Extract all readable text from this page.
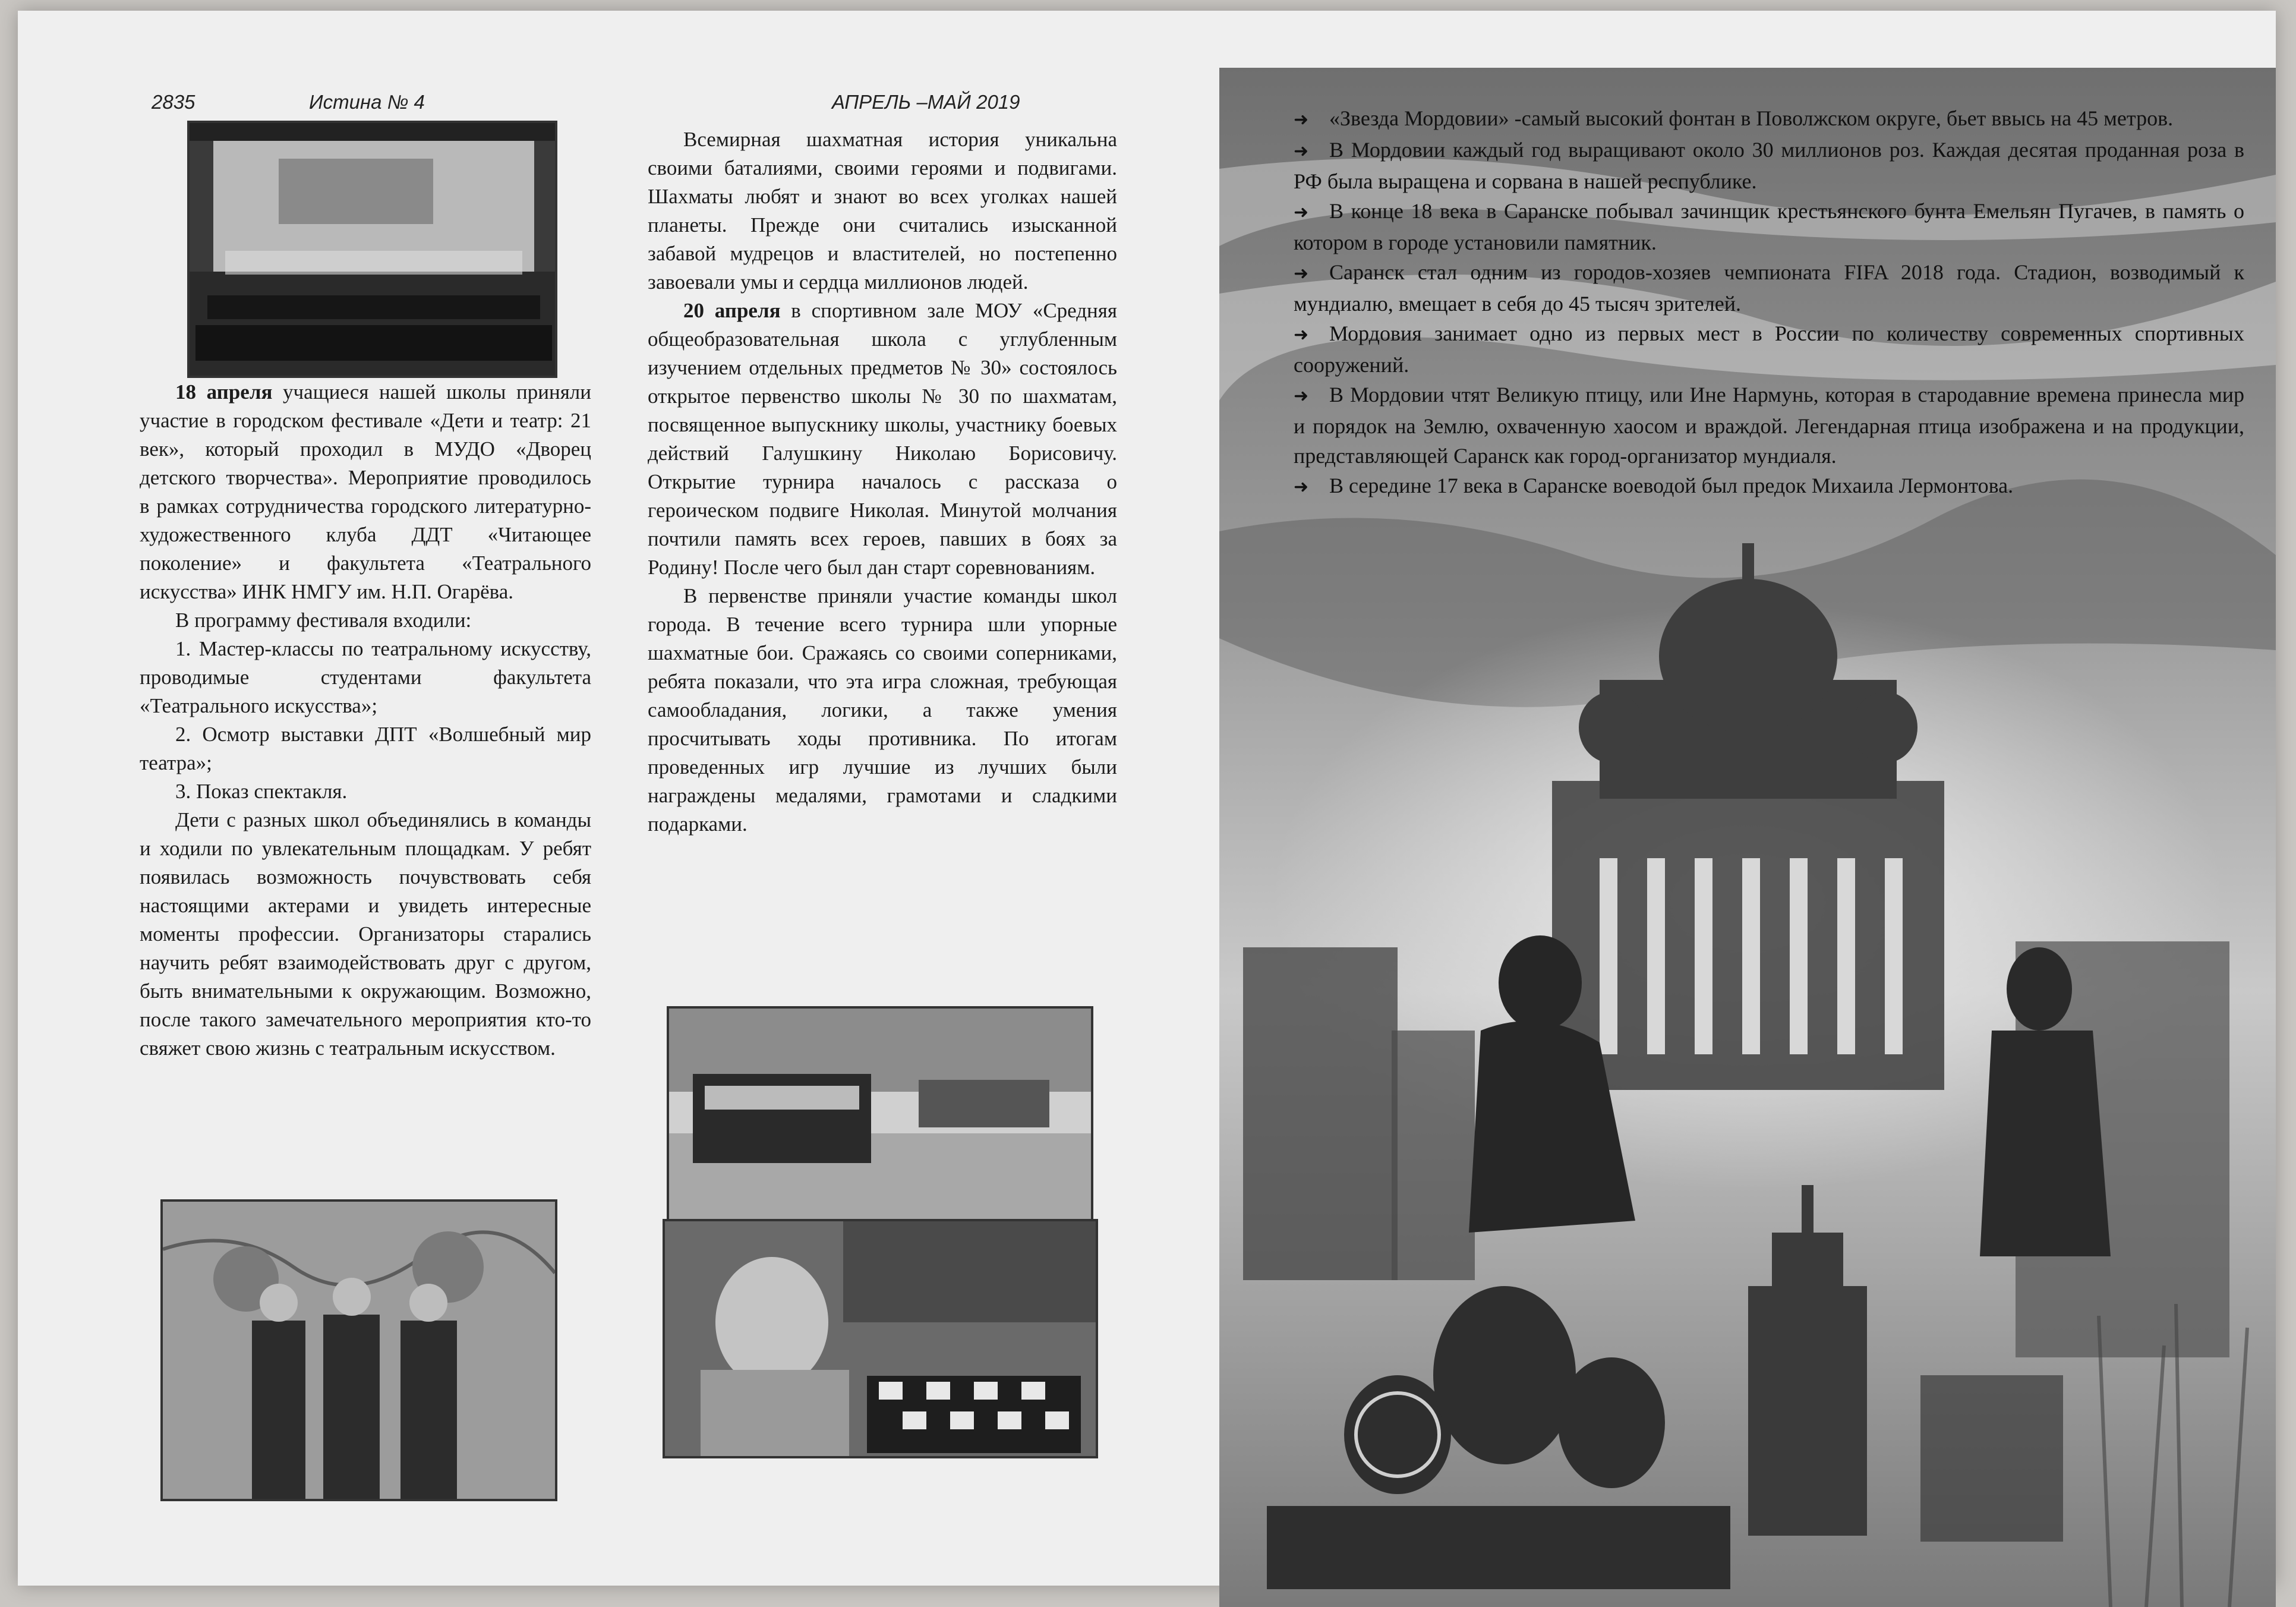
2835	Истина № 4	АПРЕЛЬ –МАЙ 2019

18 апреля учащиеся нашей школы приняли участие в городском фестивале «Дети и театр: 21 век», который проходил в МУДО «Дворец детского творчества». Мероприятие проводилось в рамках сотрудничества городского литературно-художественного клуба ДДТ «Читающее поколение» и факультета «Театрального искусства» ИНК НМГУ им. Н.П. Огарёва.

В программу фестиваля входили:

1. Мастер-классы по театральному искусству, проводимые студентами факультета «Театрального искусства»;

2. Осмотр выставки ДПТ «Волшебный мир театра»;

3. Показ спектакля.

Дети с разных школ объединялись в команды и ходили по увлекательным площадкам. У ребят появилась возможность почувствовать себя настоящими актерами и увидеть интересные моменты профессии. Организаторы старались научить ребят взаимодействовать друг с другом, быть внимательными к окружающим. Возможно, после такого замечательного мероприятия кто-то свяжет свою жизнь с театральным искусством.

Всемирная шахматная история уникальна своими баталиями, своими героями и подвигами. Шахматы любят и знают во всех уголках нашей планеты. Прежде они считались изысканной забавой мудрецов и властителей, но постепенно завоевали умы и сердца миллионов людей.

20 апреля в спортивном зале МОУ «Средняя общеобразовательная школа с углубленным изучением отдельных предметов № 30» состоялось открытое первенство школы № 30 по шахматам, посвященное выпускнику школы, участнику боевых действий Галушкину Николаю Борисовичу. Открытие турнира началось с рассказа о героическом подвиге Николая. Минутой молчания почтили память всех героев, павших в боях за Родину! После чего был дан старт соревнованиям.

В первенстве приняли участие команды школ города. В течение всего турнира шли упорные шахматные бои. Сражаясь со своими соперниками, ребята показали, что эта игра сложная, требующая самообладания, логики, а также умения просчитывать ходы противника. По итогам проведенных игр лучшие из лучших были награждены медалями, грамотами и сладкими подарками.

➜ «Звезда Мордовии» -самый высокий фонтан в Поволжском округе, бьет ввысь на 45 метров.

➜ В Мордовии каждый год выращивают около 30 миллионов роз. Каждая десятая проданная роза в РФ была выращена и сорвана в нашей республике.

➜ В конце 18 века в Саранске побывал зачинщик крестьянского бунта Емельян Пугачев, в память о котором в городе установили памятник.

➜ Саранск стал одним из городов-хозяев чемпионата FIFA 2018 года. Стадион, возводимый к мундиалю, вмещает в себя до 45 тысяч зрителей.

➜ Мордовия занимает одно из первых мест в России по количеству современных спортивных сооружений.

➜ В Мордовии чтят Великую птицу, или Ине Нармунь, которая в стародавние времена принесла мир и порядок на Землю, охваченную хаосом и враждой. Легендарная птица изображена и на продукции, представляющей Саранск как город-организатор мундиаля.

➜ В середине 17 века в Саранске воеводой был предок Михаила Лермонтова.
